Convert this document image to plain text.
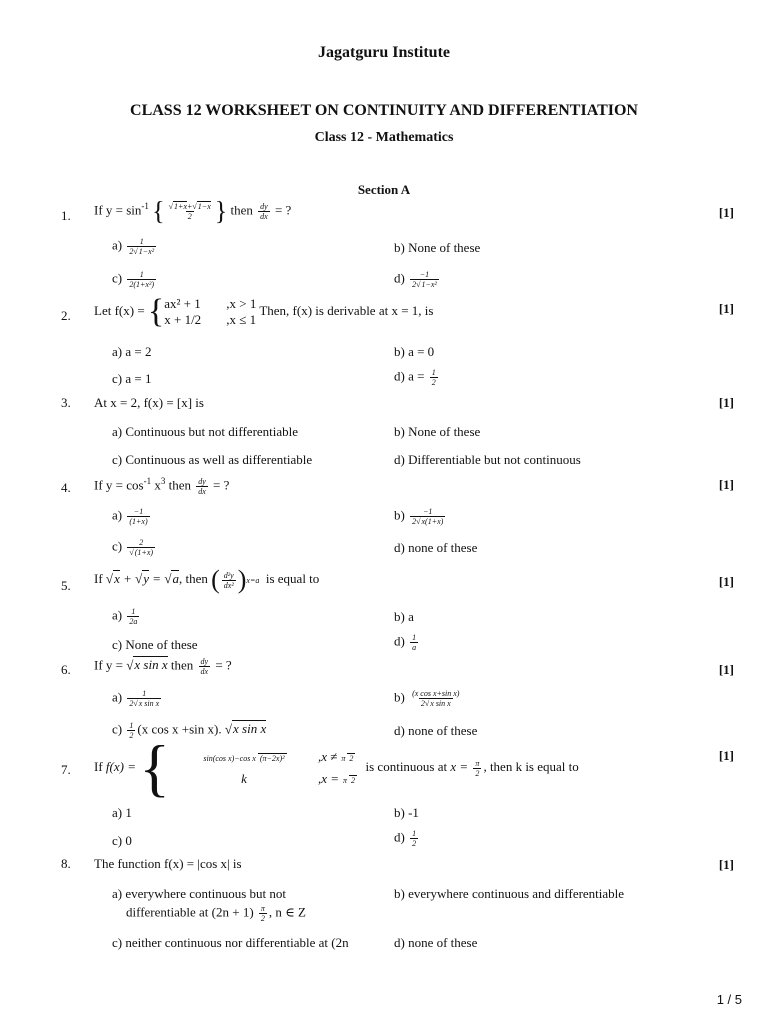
Jagatguru Institute
CLASS 12 WORKSHEET ON CONTINUITY AND DIFFERENTIATION
Class 12 - Mathematics
Section A
1. If $y = \sin^{-1}$ { $\frac{√1+x+√1-x}{2}$ } then $\frac{dy}{dx}$ = ?	[1]
$a) \frac{1}{\text{2√1−x²}}$	b) None of these
$c) \frac{1}{\text{2(1+x²)}}$	$d) \frac{-1}{\text{2√1−x²}}$
2. Let f(x) = { ax² + 1 ,x > 1
x + 1/2 ,x ≤ 1
Then, f(x) is derivable at x = 1, is	[1]
a) a = 2	b) a = 0
c) a = 1	d) $a = \frac{1}{2}$
3. At x = 2, f(x) = [x] is	[1]
a) Continuous but not differentiable	b) None of these
c) Continuous as well as differentiable	d) Differentiable but not continuous
4. If $y = \cos^{-1} x^3$ then $\frac{dy}{dx}$ = ?	[1]
$a) \frac{-1}{(1+x)}$	$b) \frac{-1}{2√x(1+x)}$
$c) \frac{2}{√(1+x)}$	d) none of these
5. If √x + √y = √a, then ( $\frac{\text{d²y}}{\text{dx²}} )x=a$ is equal to	[1]
$a) \frac{1}{2a}$	b) a
c) None of these	$d) \frac{1}{a}$
6. If y = √x sin x then $\frac{dy}{dx}$ = ?	[1]
$a) \frac{1}{\text{2√x sin x}}$	$b) \frac{\text{(x cos x+sin x)}}{\text{2√x sin x}}$
$c) \frac{1}{2} (x$ cos x +sin x). √x sin x	d) none of these
7. If f(x) = {	sin(cos x)−cos x (π−2x)²	,x ≠π 2
k	,x =π 2
is continuous at $x = \frac{\pi}{2}$ , then k is equal to
[1]
a) 1	b) -1
c) 0	$d) \frac{1}{2}$
8. The function f(x) = |cos x| is	[1]
a) everywhere continuous but not
differentiable at $(2n + 1) \frac{\pi}{2}$ , n ∈ Z
b) everywhere continuous and differentiable
c) neither continuous nor differentiable at (2n	d) none of these
1 / 5
